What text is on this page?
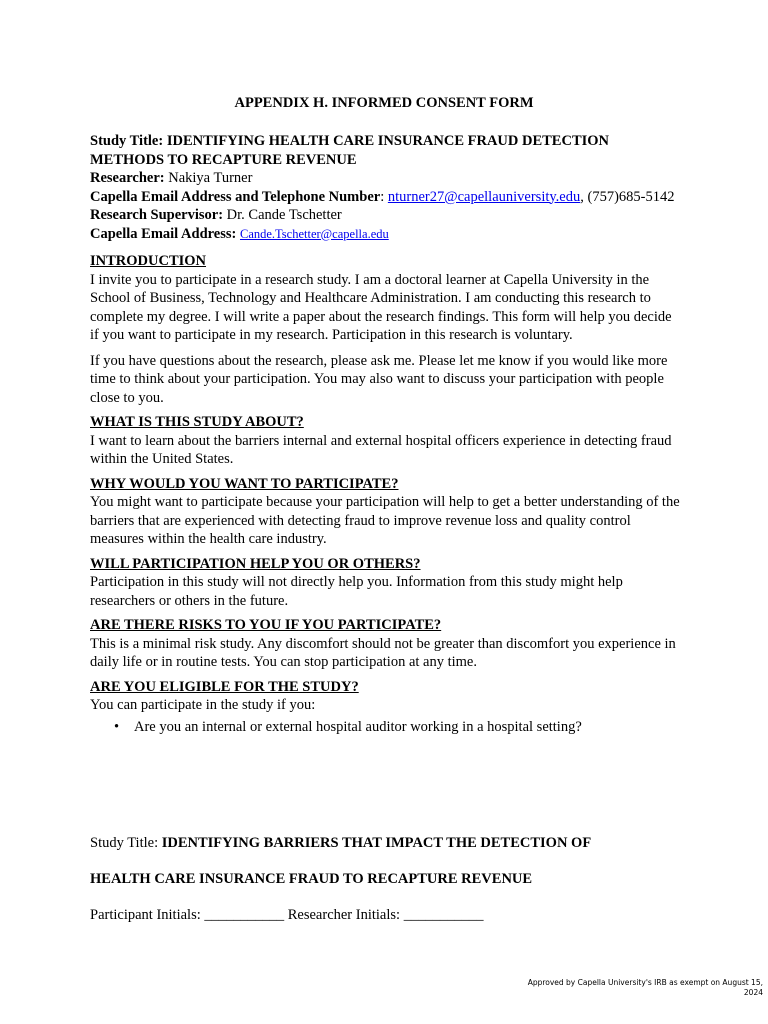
APPENDIX H. INFORMED CONSENT FORM

Study Title: IDENTIFYING HEALTH CARE INSURANCE FRAUD DETECTION METHODS TO RECAPTURE REVENUE

Researcher: Nakiya Turner

Capella Email Address and Telephone Number: nturner27@capellauniversity.edu, (757)685-5142

Research Supervisor: Dr. Cande Tschetter

Capella Email Address: Cande.Tschetter@capella.edu

INTRODUCTION

I invite you to participate in a research study. I am a doctoral learner at Capella University in the School of Business, Technology and Healthcare Administration. I am conducting this research to complete my degree. I will write a paper about the research findings. This form will help you decide if you want to participate in my research. Participation in this research is voluntary.

If you have questions about the research, please ask me. Please let me know if you would like more time to think about your participation. You may also want to discuss your participation with people close to you.

WHAT IS THIS STUDY ABOUT?

I want to learn about the barriers internal and external hospital officers experience in detecting fraud within the United States.

WHY WOULD YOU WANT TO PARTICIPATE?

You might want to participate because your participation will help to get a better understanding of the barriers that are experienced with detecting fraud to improve revenue loss and quality control measures within the health care industry.

WILL PARTICIPATION HELP YOU OR OTHERS?

Participation in this study will not directly help you. Information from this study might help researchers or others in the future.

ARE THERE RISKS TO YOU IF YOU PARTICIPATE?

This is a minimal risk study. Any discomfort should not be greater than discomfort you experience in daily life or in routine tests. You can stop participation at any time.

ARE YOU ELIGIBLE FOR THE STUDY?

You can participate in the study if you:

• Are you an internal or external hospital auditor working in a hospital setting?
Study Title: IDENTIFYING BARRIERS THAT IMPACT THE DETECTION OF
HEALTH CARE INSURANCE FRAUD TO RECAPTURE REVENUE
Participant Initials: ___________ Researcher Initials: ___________
Approved by Capella University's IRB as exempt on August 15,
2024
